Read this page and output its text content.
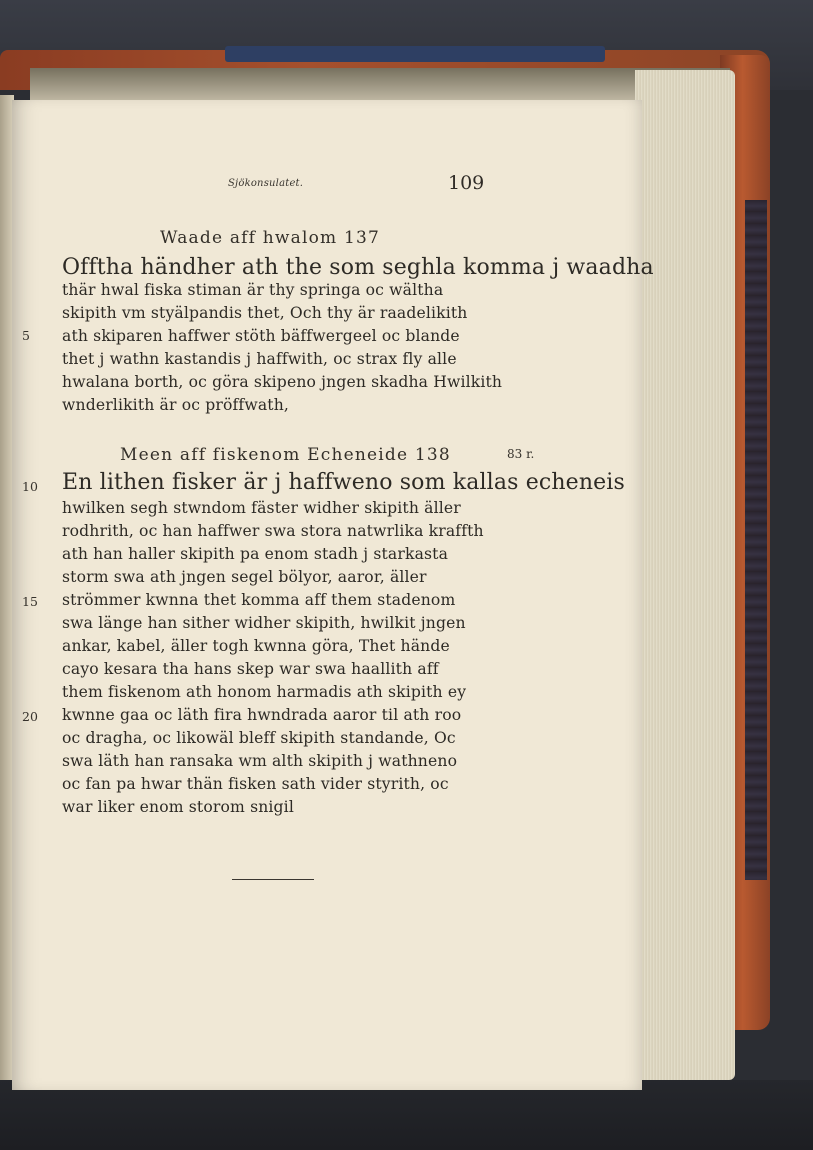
Sjökonsulatet.	109
Waade aff hwalom 137
Offtha händher ath the som seghla komma j waadha
thär hwal fiska stiman är thy springa oc wältha
skipith vm styälpandis thet, Och thy är raadelikith
ath skiparen haffwer stöth bäffwergeel oc blande
5
thet j wathn kastandis j haffwith, oc strax fly alle
hwalana borth, oc göra skipeno jngen skadha Hwilkith
wnderlikith är oc pröffwath,
Meen aff fiskenom Echeneide 138	83 r.
10 En lithen fisker är j haffweno som kallas echeneis
hwilken segh stwndom fäster widher skipith äller
rodhrith, oc han haffwer swa stora natwrlika kraffth
ath han haller skipith pa enom stadh j starkasta
storm swa ath jngen segel bölyor, aaror, äller
15 strömmer kwnna thet komma aff them stadenom
swa länge han sither widher skipith, hwilkit jngen
ankar, kabel, äller togh kwnna göra, Thet hände
cayo kesara tha hans skep war swa haallith aff
them fiskenom ath honom harmadis ath skipith ey
20 kwnne gaa oc läth fira hwndrada aaror til ath roo
oc dragha, oc likowäl bleff skipith standande, Oc
swa läth han ransaka wm alth skipith j wathneno
oc fan pa hwar thän fisken sath vider styrith, oc
war liker enom storom snigil
